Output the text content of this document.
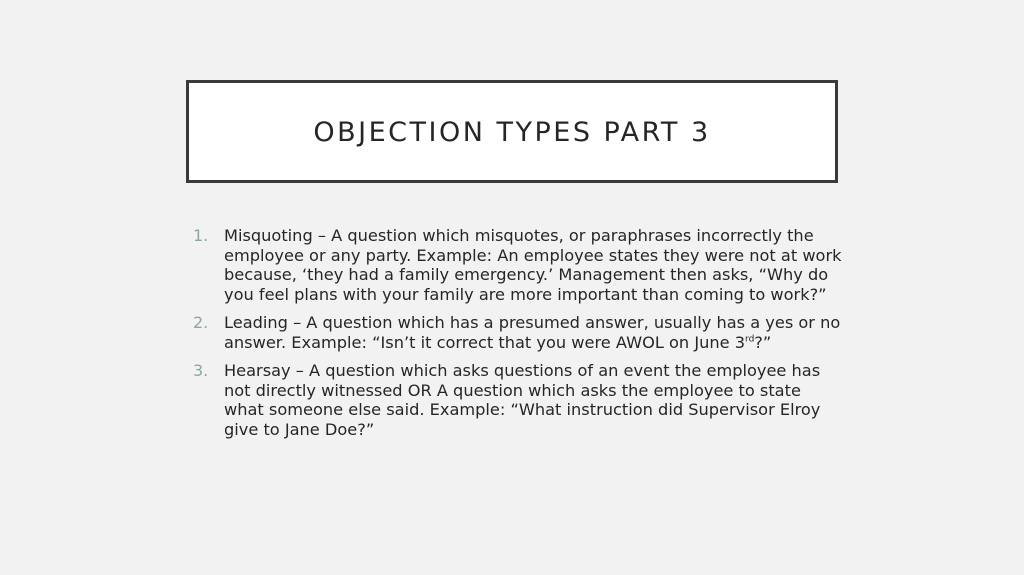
OBJECTION TYPES PART 3
1. Misquoting – A question which misquotes, or paraphrases incorrectly the employee or any party. Example: An employee states they were not at work because, ‘they had a family emergency.’ Management then asks, “Why do you feel plans with your family are more important than coming to work?”
2. Leading – A question which has a presumed answer, usually has a yes or no answer. Example: “Isn’t it correct that you were AWOL on June 3rd?”
3. Hearsay – A question which asks questions of an event the employee has not directly witnessed OR A question which asks the employee to state what someone else said. Example: “What instruction did Supervisor Elroy give to Jane Doe?”
